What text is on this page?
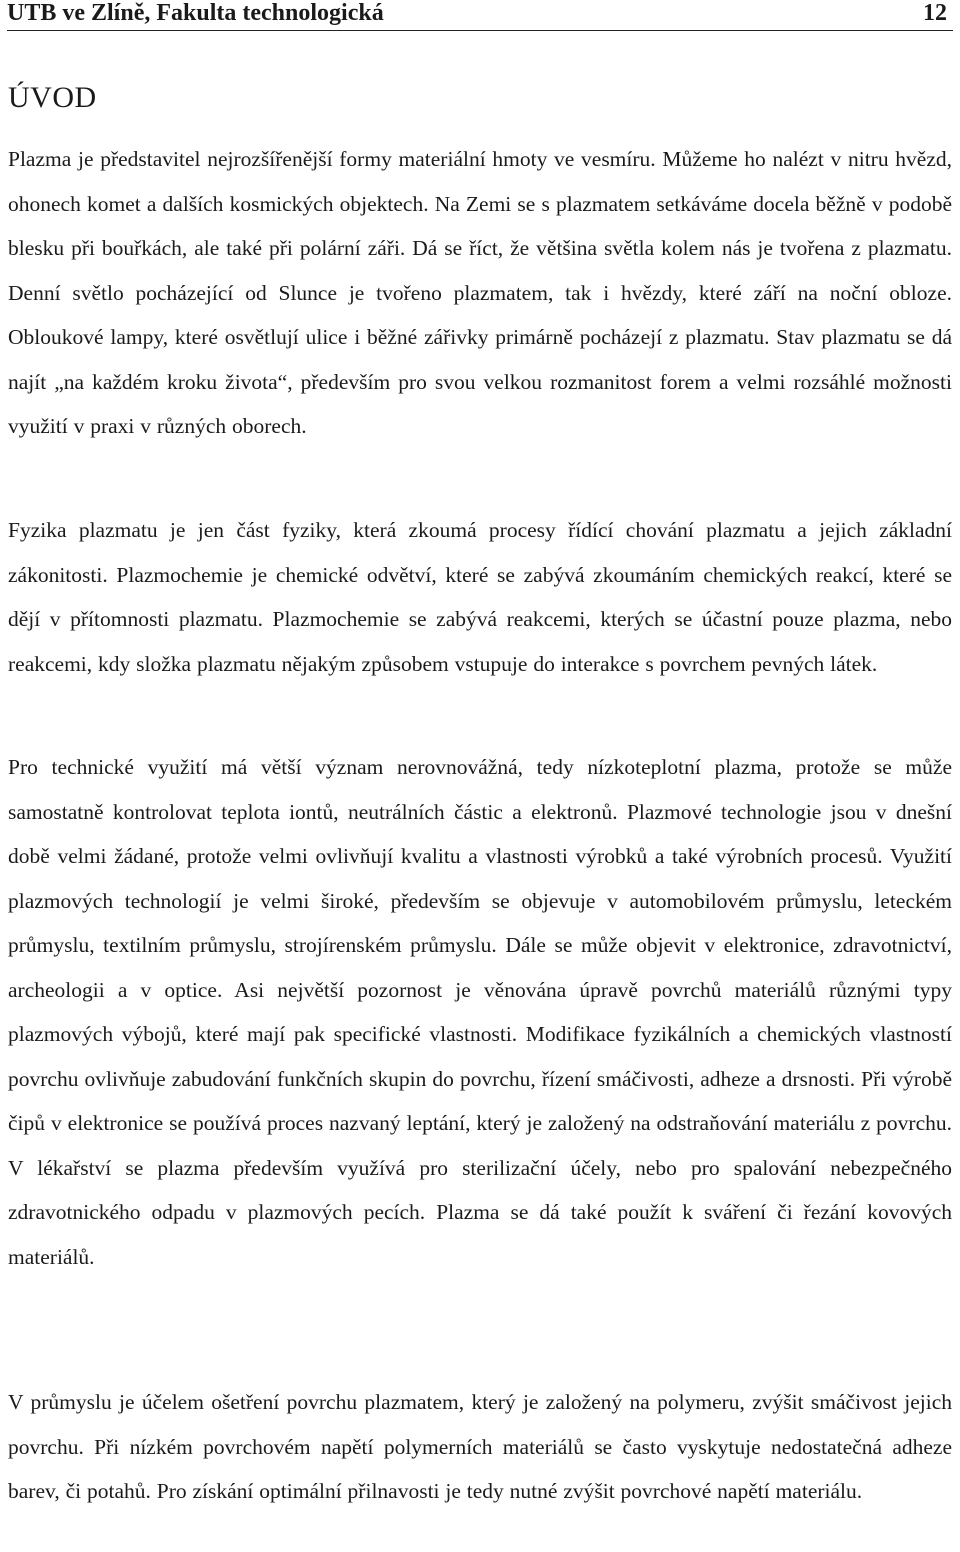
UTB ve Zlíně, Fakulta technologická	12
ÚVOD

Plazma je představitel nejrozšířenější formy materiální hmoty ve vesmíru. Můžeme ho nalézt v nitru hvězd, ohonech komet a dalších kosmických objektech. Na Zemi se s plazmatem setkáváme docela běžně v podobě blesku při bouřkách, ale také při polární záři. Dá se říct, že většina světla kolem nás je tvořena z plazmatu. Denní světlo pocházející od Slunce je tvořeno plazmatem, tak i hvězdy, které září na noční obloze. Obloukové lampy, které osvětlují ulice i běžné zářivky primárně pocházejí z plazmatu. Stav plazmatu se dá najít „na každém kroku života“, především pro svou velkou rozmanitost forem a velmi rozsáhlé možnosti využití v praxi v různých oborech.

Fyzika plazmatu je jen část fyziky, která zkoumá procesy řídící chování plazmatu a jejich základní zákonitosti. Plazmochemie je chemické odvětví, které se zabývá zkoumáním chemických reakcí, které se dějí v přítomnosti plazmatu. Plazmochemie se zabývá reakcemi, kterých se účastní pouze plazma, nebo reakcemi, kdy složka plazmatu nějakým způsobem vstupuje do interakce s povrchem pevných látek.

Pro technické využití má větší význam nerovnovážná, tedy nízkoteplotní plazma, protože se může samostatně kontrolovat teplota iontů, neutrálních částic a elektronů. Plazmové technologie jsou v dnešní době velmi žádané, protože velmi ovlivňují kvalitu a vlastnosti výrobků a také výrobních procesů. Využití plazmových technologií je velmi široké, především se objevuje v automobilovém průmyslu, leteckém průmyslu, textilním průmyslu, strojírenském průmyslu. Dále se může objevit v elektronice, zdravotnictví, archeologii a v optice. Asi největší pozornost je věnována úpravě povrchů materiálů různými typy plazmových výbojů, které mají pak specifické vlastnosti. Modifikace fyzikálních a chemických vlastností povrchu ovlivňuje zabudování funkčních skupin do povrchu, řízení smáčivosti, adheze a drsnosti. Při výrobě čipů v elektronice se používá proces nazvaný leptání, který je založený na odstraňování materiálu z povrchu. V lékařství se plazma především využívá pro sterilizační účely, nebo pro spalování nebezpečného zdravotnického odpadu v plazmových pecích. Plazma se dá také použít k sváření či řezání kovových materiálů.

V průmyslu je účelem ošetření povrchu plazmatem, který je založený na polymeru, zvýšit smáčivost jejich povrchu. Při nízkém povrchovém napětí polymerních materiálů se často vyskytuje nedostatečná adheze barev, či potahů. Pro získání optimální přilnavosti je tedy nutné zvýšit povrchové napětí materiálu.
